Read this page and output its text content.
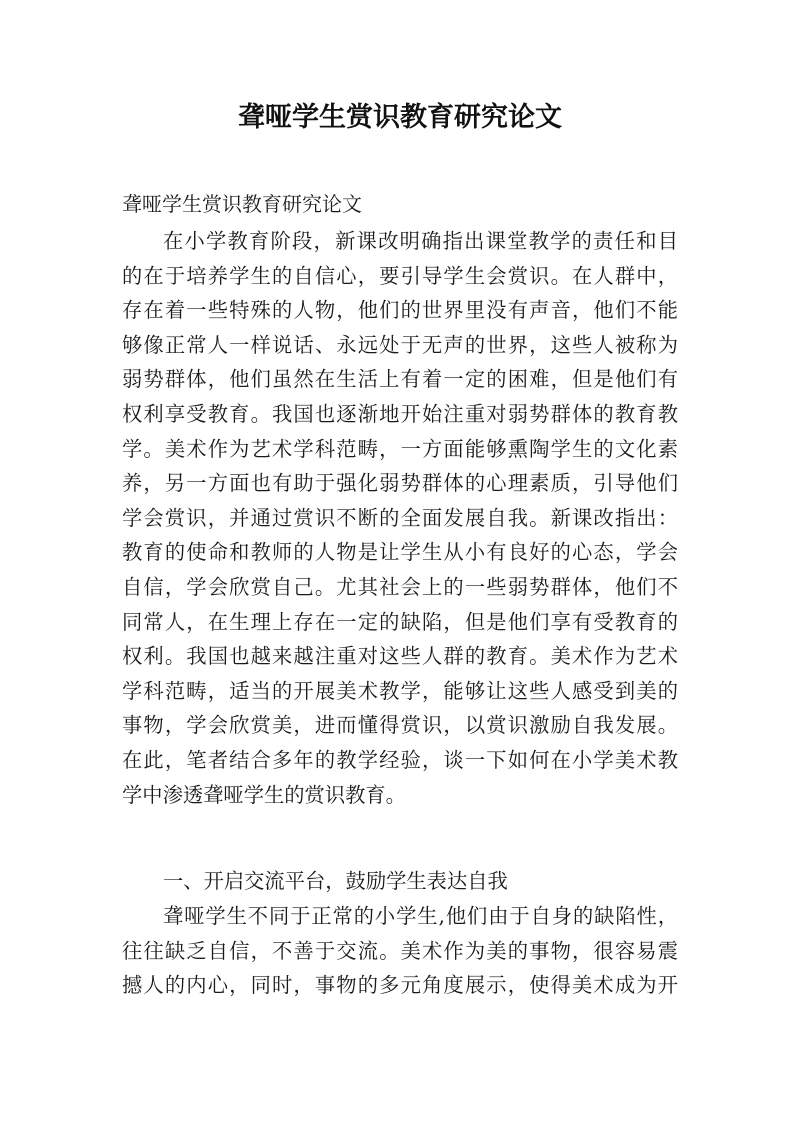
聋哑学生赏识教育研究论文
聋哑学生赏识教育研究论文
在小学教育阶段，新课改明确指出课堂教学的责任和目
的在于培养学生的自信心，要引导学生会赏识。在人群中，
存在着一些特殊的人物，他们的世界里没有声音，他们不能
够像正常人一样说话、永远处于无声的世界，这些人被称为
弱势群体，他们虽然在生活上有着一定的困难，但是他们有
权利享受教育。我国也逐渐地开始注重对弱势群体的教育教
学。美术作为艺术学科范畴，一方面能够熏陶学生的文化素
养，另一方面也有助于强化弱势群体的心理素质，引导他们
学会赏识，并通过赏识不断的全面发展自我。新课改指出：
教育的使命和教师的人物是让学生从小有良好的心态，学会
自信，学会欣赏自己。尤其社会上的一些弱势群体，他们不
同常人，在生理上存在一定的缺陷，但是他们享有受教育的
权利。我国也越来越注重对这些人群的教育。美术作为艺术
学科范畴，适当的开展美术教学，能够让这些人感受到美的
事物，学会欣赏美，进而懂得赏识，以赏识激励自我发展。
在此，笔者结合多年的教学经验，谈一下如何在小学美术教
学中渗透聋哑学生的赏识教育。
一、开启交流平台，鼓励学生表达自我
聋哑学生不同于正常的小学生,他们由于自身的缺陷性，
往往缺乏自信，不善于交流。美术作为美的事物，很容易震
撼人的内心，同时，事物的多元角度展示，使得美术成为开
